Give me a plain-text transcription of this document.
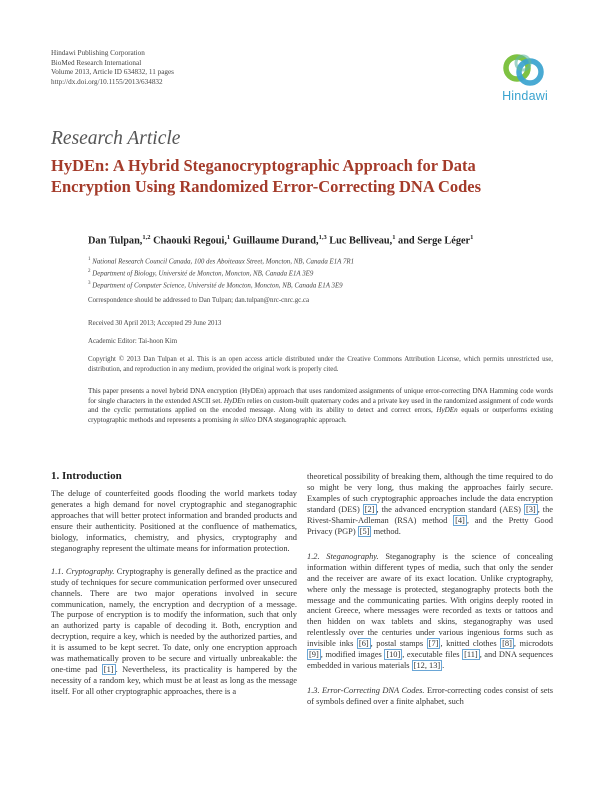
Hindawi Publishing Corporation
BioMed Research International
Volume 2013, Article ID 634832, 11 pages
http://dx.doi.org/10.1155/2013/634832
Hindawi
Research Article
HyDEn: A Hybrid Steganocryptographic Approach for Data Encryption Using Randomized Error-Correcting DNA Codes
Dan Tulpan,$^{1,2}$ Chaouki Regoui,$^1$ Guillaume Durand,$^{1,3}$ Luc Belliveau,$^1$ and Serge Léger$^1$
$^1$ National Research Council Canada, 100 des Aboiteaux Street, Moncton, NB, Canada E1A 7R1
$^2$ Department of Biology, Université de Moncton, Moncton, NB, Canada E1A 3E9
$^3$ Department of Computer Science, Université de Moncton, Moncton, NB, Canada E1A 3E9
Correspondence should be addressed to Dan Tulpan; dan.tulpan@nrc-cnrc.gc.ca
Received 30 April 2013; Accepted 29 June 2013
Academic Editor: Tai-hoon Kim
Copyright © 2013 Dan Tulpan et al. This is an open access article distributed under the Creative Commons Attribution License, which permits unrestricted use, distribution, and reproduction in any medium, provided the original work is properly cited.
This paper presents a novel hybrid DNA encryption (HyDEn) approach that uses randomized assignments of unique error-correcting DNA Hamming code words for single characters in the extended ASCII set. HyDEn relies on custom-built quaternary codes and a private key used in the randomized assignment of code words and the cyclic permutations applied on the encoded message. Along with its ability to detect and correct errors, HyDEn equals or outperforms existing cryptographic methods and represents a promising in silico DNA steganographic approach.
1. Introduction

The deluge of counterfeited goods flooding the world markets today generates a high demand for novel cryptographic and steganographic approaches that will better protect information and branded products and ensure their authenticity. Positioned at the confluence of mathematics, biology, informatics, chemistry, and physics, cryptography and steganography represent the ultimate means for information protection.

1.1. Cryptography. Cryptography is generally defined as the practice and study of techniques for secure communication performed over unsecured channels. There are two major operations involved in secure communication, namely, the encryption and decryption of a message. The purpose of encryption is to modify the information, such that only an authorized party is capable of decoding it. Both, encryption and decryption, require a key, which is needed by the authorized parties, and it is assumed to be kept secret. To date, only one encryption approach was mathematically proven to be secure and virtually unbreakable: the one-time pad [1] . Nevertheless, its practicality is hampered by the necessity of a random key, which must be at least as long as the message itself. For all other cryptographic approaches, there is a

theoretical possibility of breaking them, although the time required to do so might be very long, thus making the approaches fairly secure. Examples of such cryptographic approaches include the data encryption standard (DES) [2] , the advanced encryption standard (AES) [3] , the Rivest-Shamir-Adleman (RSA) method [4] , and the Pretty Good Privacy (PGP) [5] method.

1.2. Steganography. Steganography is the science of concealing information within different types of media, such that only the sender and the receiver are aware of its exact location. Unlike cryptography, where only the message is protected, steganography protects both the message and the communicating parties. With origins deeply rooted in ancient Greece, where messages were recorded as texts or tattoos and then hidden on wax tablets and skins, steganography was used relentlessly over the centuries under various ingenious forms such as invisible inks [6] , postal stamps [7] , knitted clothes [8] , microdots [9] , modified images [10] , executable files [11] , and DNA sequences embedded in various materials [12, 13] .

1.3. Error-Correcting DNA Codes. Error-correcting codes consist of sets of symbols defined over a finite alphabet, such
